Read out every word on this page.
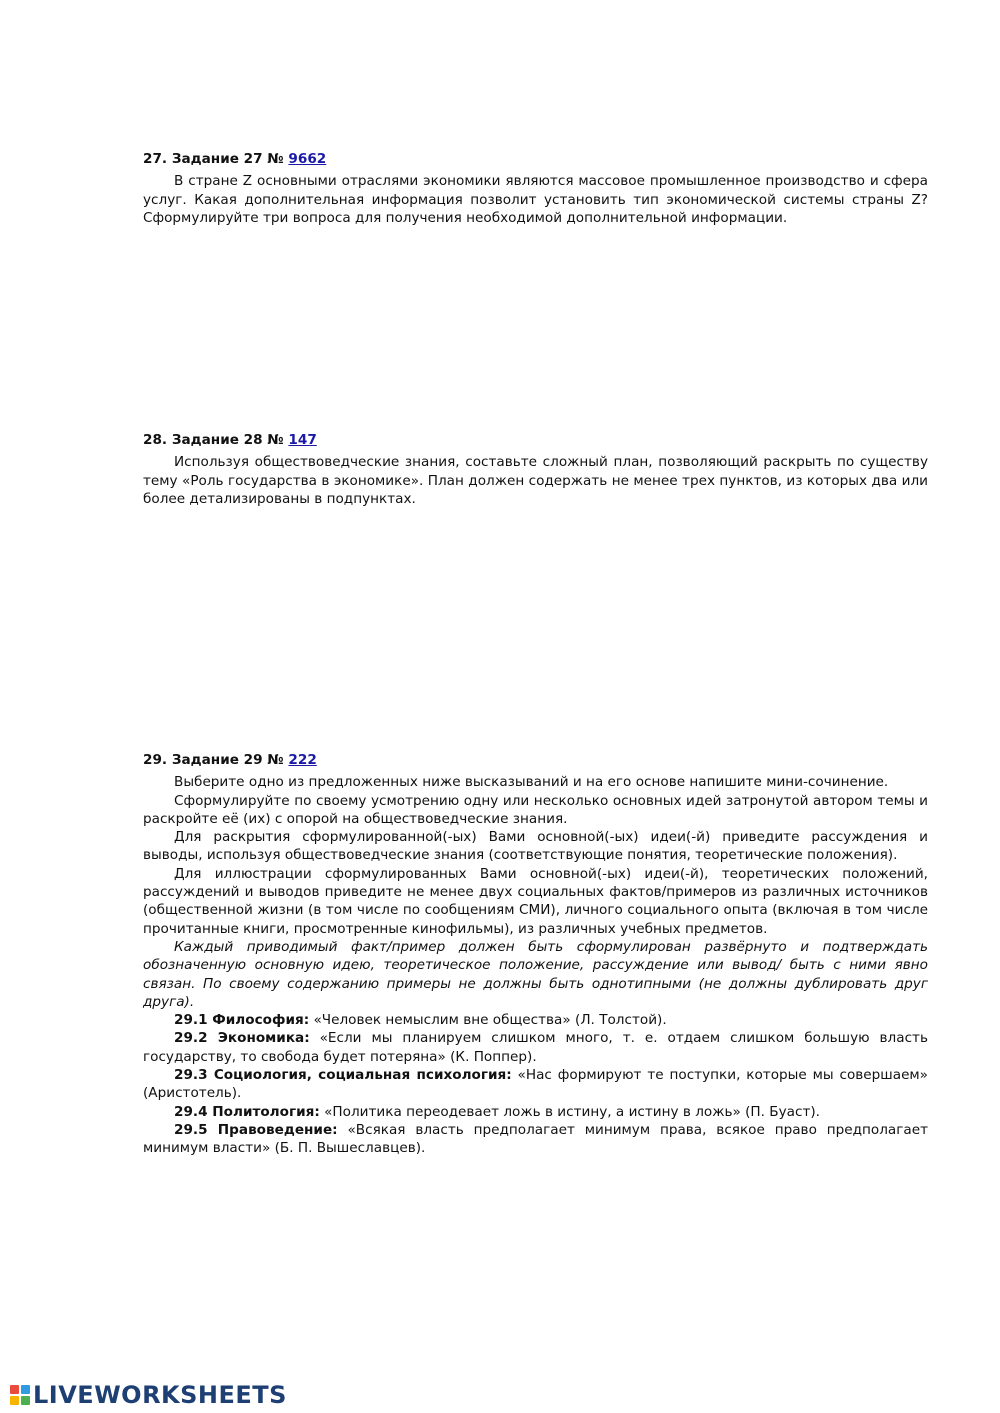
27. Задание 27 № 9662

В стране Z основными отраслями экономики являются массовое промышленное производство и сфера услуг. Какая дополнительная информация позволит установить тип экономической системы страны Z? Сформулируйте три вопроса для получения необходимой дополнительной информации.

28. Задание 28 № 147

Используя обществоведческие знания, составьте сложный план, позволяющий раскрыть по существу тему «Роль государства в экономике». План должен содержать не менее трех пунктов, из которых два или более детализированы в подпунктах.

29. Задание 29 № 222

Выберите одно из предложенных ниже высказываний и на его основе напишите мини-сочинение.

Сформулируйте по своему усмотрению одну или несколько основных идей затронутой автором темы и раскройте её (их) с опорой на обществоведческие знания.

Для раскрытия сформулированной(-ых) Вами основной(-ых) идеи(-й) приведите рассуждения и выводы, используя обществоведческие знания (соответствующие понятия, теоретические положения).

Для иллюстрации сформулированных Вами основной(-ых) идеи(-й), теоретических положений, рассуждений и выводов приведите не менее двух социальных фактов/примеров из различных источников (общественной жизни (в том числе по сообщениям СМИ), личного социального опыта (включая в том числе прочитанные книги, просмотренные кинофильмы), из различных учебных предметов.

Каждый приводимый факт/пример должен быть сформулирован развёрнуто и подтверждать обозначенную основную идею, теоретическое положение, рассуждение или вывод/ быть с ними явно связан. По своему содержанию примеры не должны быть однотипными (не должны дублировать друг друга).

29.1 Философия: «Человек немыслим вне общества» (Л. Толстой).

29.2 Экономика: «Если мы планируем слишком много, т. е. отдаем слишком большую власть государству, то свобода будет потеряна» (К. Поппер).

29.3 Социология, социальная психология: «Нас формируют те поступки, которые мы совершаем» (Аристотель).

29.4 Политология: «Политика переодевает ложь в истину, а истину в ложь» (П. Буаст).

29.5 Правоведение: «Всякая власть предполагает минимум права, всякое право предполагает минимум власти» (Б. П. Вышеславцев).

LIVEWORKSHEETS
